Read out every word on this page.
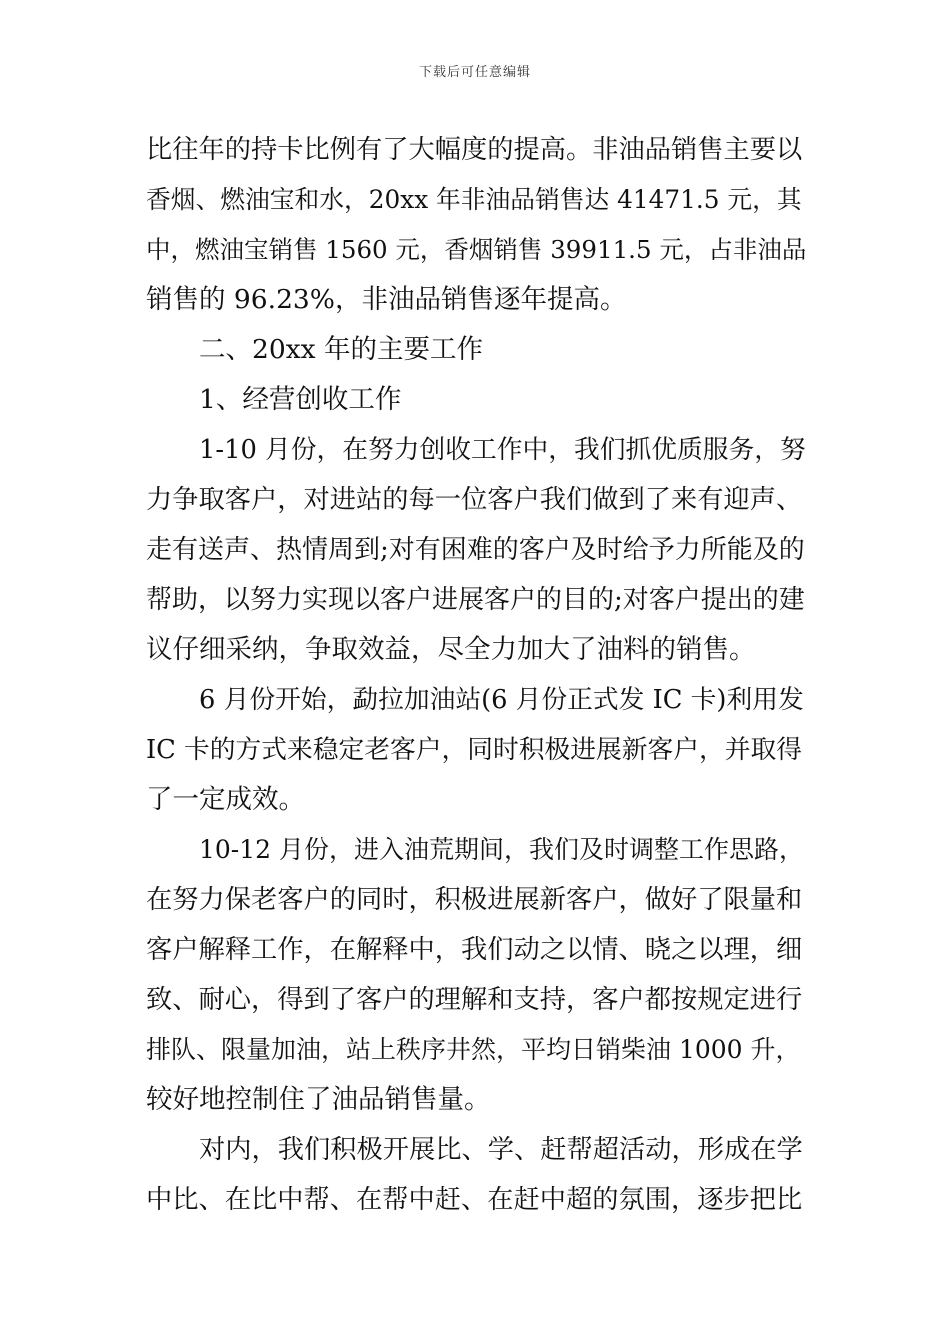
下载后可任意编辑
比往年的持卡比例有了大幅度的提高。非油品销售主要以
香烟、燃油宝和水，20xx 年非油品销售达 41471.5 元，其
中，燃油宝销售 1560 元，香烟销售 39911.5 元，占非油品
销售的 96.23%，非油品销售逐年提高。
二、20xx 年的主要工作
1、经营创收工作
1-10 月份，在努力创收工作中，我们抓优质服务，努
力争取客户，对进站的每一位客户我们做到了来有迎声、
走有送声、热情周到;对有困难的客户及时给予力所能及的
帮助，以努力实现以客户进展客户的目的;对客户提出的建
议仔细采纳，争取效益，尽全力加大了油料的销售。
6 月份开始，勐拉加油站(6 月份正式发 IC 卡)利用发
IC 卡的方式来稳定老客户，同时积极进展新客户，并取得
了一定成效。
10-12 月份，进入油荒期间，我们及时调整工作思路，
在努力保老客户的同时，积极进展新客户，做好了限量和
客户解释工作，在解释中，我们动之以情、晓之以理，细
致、耐心，得到了客户的理解和支持，客户都按规定进行
排队、限量加油，站上秩序井然，平均日销柴油 1000 升，
较好地控制住了油品销售量。
对内，我们积极开展比、学、赶帮超活动，形成在学
中比、在比中帮、在帮中赶、在赶中超的氛围，逐步把比
